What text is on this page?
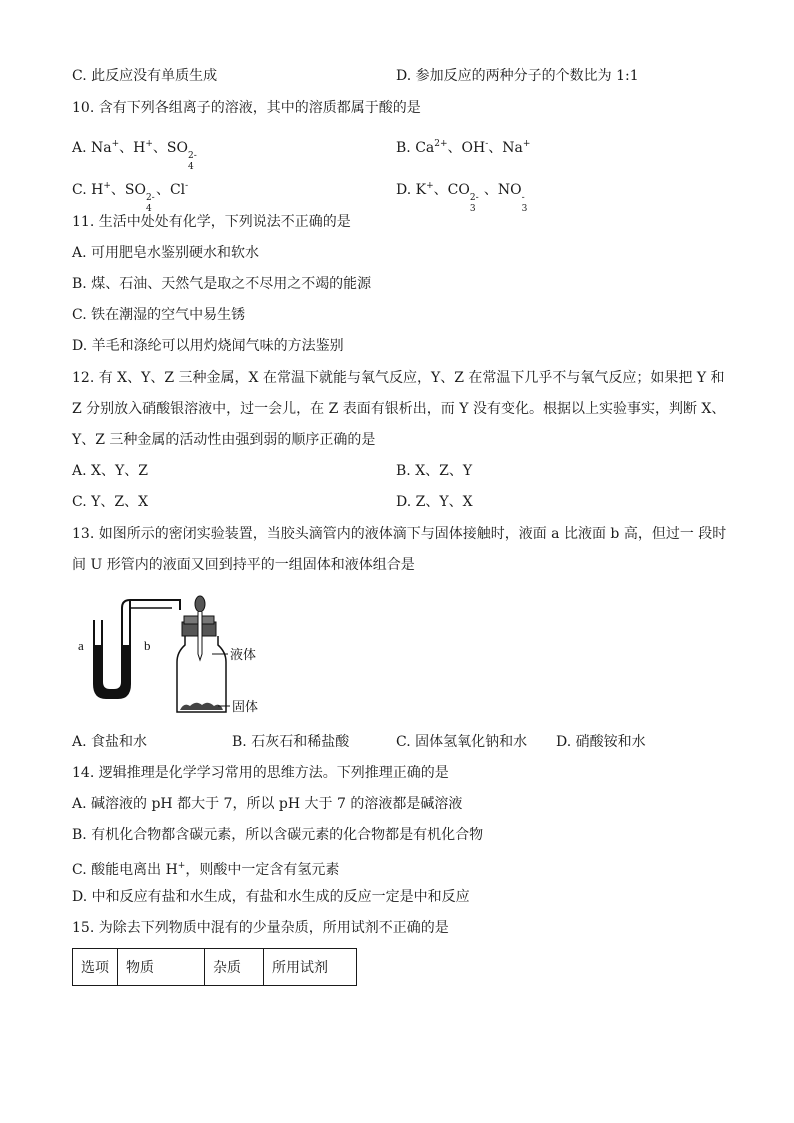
C. 此反应没有单质生成	D. 参加反应的两种分子的个数比为 1:1
10. 含有下列各组离子的溶液，其中的溶质都属于酸的是
A. Na+、H+、SO 2-
4
B. $Ca^{2+}$、OH-、Na+
C. H+、SO 2-
4
、Cl-	D. K+、CO 2-
3
、NO -
3
11. 生活中处处有化学，下列说法不正确的是
A. 可用肥皂水鉴别硬水和软水
B. 煤、石油、天然气是取之不尽用之不竭的能源
C. 铁在潮湿的空气中易生锈
D. 羊毛和涤纶可以用灼烧闻气味的方法鉴别
12. 有 X、Y、Z 三种金属，X 在常温下就能与氧气反应，Y、Z 在常温下几乎不与氧气反应；如果把 Y 和
Z 分别放入硝酸银溶液中，过一会儿，在 Z 表面有银析出，而 Y 没有变化。根据以上实验事实，判断 X、
Y、Z 三种金属的活动性由强到弱的顺序正确的是
A. X、Y、Z	B. X、Z、Y
C. Y、Z、X	D. Z、Y、X
13. 如图所示的密闭实验装置，当胶头滴管内的液体滴下与固体接触时，液面 a 比液面 b 高，但过一 段时
间 U 形管内的液面又回到持平的一组固体和液体组合是
a	b
液体
固体
A. 食盐和水	B. 石灰石和稀盐酸	C. 固体氢氧化钠和水 D. 硝酸铵和水
14. 逻辑推理是化学学习常用的思维方法。下列推理正确的是
A. 碱溶液的 pH 都大于 7，所以 pH 大于 7 的溶液都是碱溶液
B. 有机化合物都含碳元素，所以含碳元素的化合物都是有机化合物
C. 酸能电离出 H+，则酸中一定含有氢元素
D. 中和反应有盐和水生成，有盐和水生成的反应一定是中和反应
15. 为除去下列物质中混有的少量杂质，所用试剂不正确的是
选项	物质	杂质	所用试剂
